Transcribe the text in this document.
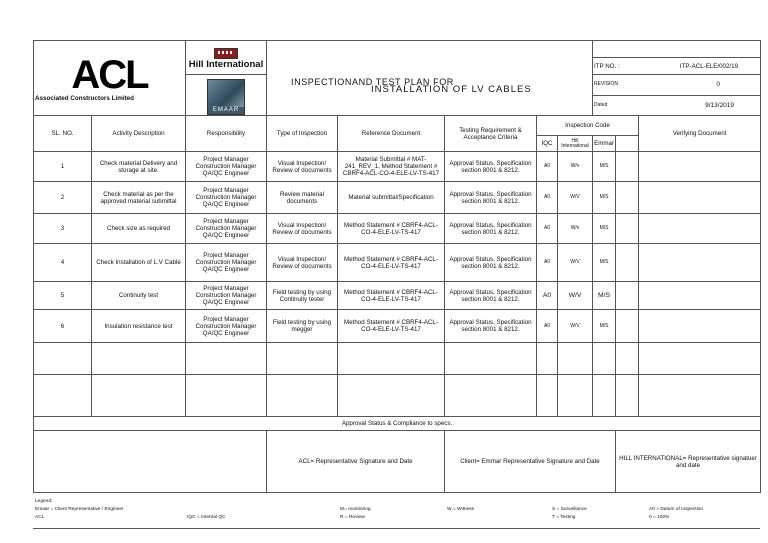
ACL
Associated Constructors Limited		Hill International								

			INSPECTIONAND TEST PLAN FOR
INSTALLATION OF LV CABLES					ITP NO. :		ITP-ACL-ELE/002/19

		EMAAR						REVISION 0
Dated 9/13/2019		

SL. NO.	Activity Description	Responsibility	Type of Inspection	Reference Document	Testing Requirement & Acceptance Criteria	Inspection Code				Verifying Document
						IQC	Hill International	Emmar		
1	Check material Delivery and storage at site.	Project Manager Construction Manager QA/QC Engineer	Visual Inspection/ Review of documents	Material Submittal # MAT-241_REV_1, Method Statement # CBRF4-ACL-CO-4-ELE-LV-TS-417	Approval Status, Specification section 8001 & 8212.	A0	W/v	M/S		
2	Check material as per the approved material submittal	Project Manager Construction Manager QA/QC Engineer	Review material documents	Material submittal/Specification	Approval Status, Specification section 8001 & 8212.	A0	W/V	M/S		
3	Check size as required	Project Manager Construction Manager QA/QC Engineer	Visual Inspection/ Review of documents	Method Statement # CBRF4-ACL-CO-4-ELE-LV-TS-417	Approval Status, Specification section 8001 & 8212.	A0	W/v	M/S		
4	Check Installation of L.V Cable	Project Manager Construction Manager QA/QC Engineer	Visual Inspection/ Review of documents	Method Statement # CBRF4-ACL-CO-4-ELE-LV-TS-417	Approval Status, Specification section 8001 & 8212.	A0	W/V	M/S		
5	Continuity test	Project Manager Construction Manager QA/QC Engineer	Field testing by using Continuity tester	Method Statement # CBRF4-ACL-CO-4-ELE-LV-TS-417	Approval Status, Specification section 8001 & 8212.	A0	W/V	M/S		
6	Insulation resistance test	Project Manager Construction Manager QA/QC Engineer	Field testing by using megger	Method Statement # CBRF4-ACL-CO-4-ELE-LV-TS-417	Approval Status, Specification section 8001 & 8212.	A0	W/V	M/S		

Approval Status & Compliance to specs.										
			ACL= Representative Signature and Date		Client= Emmar Representative Signature and Date				HILL INTERNATIONAL= Representative signatuer and date	
Legend:
Emaar = Client Representative / Engineer
ACL	IQC = Internal QC
M= monitoring
R = Review
W = Witness	S = Surveillance
T = Testing
A0 = Datum of Inspection
0 = 100%
